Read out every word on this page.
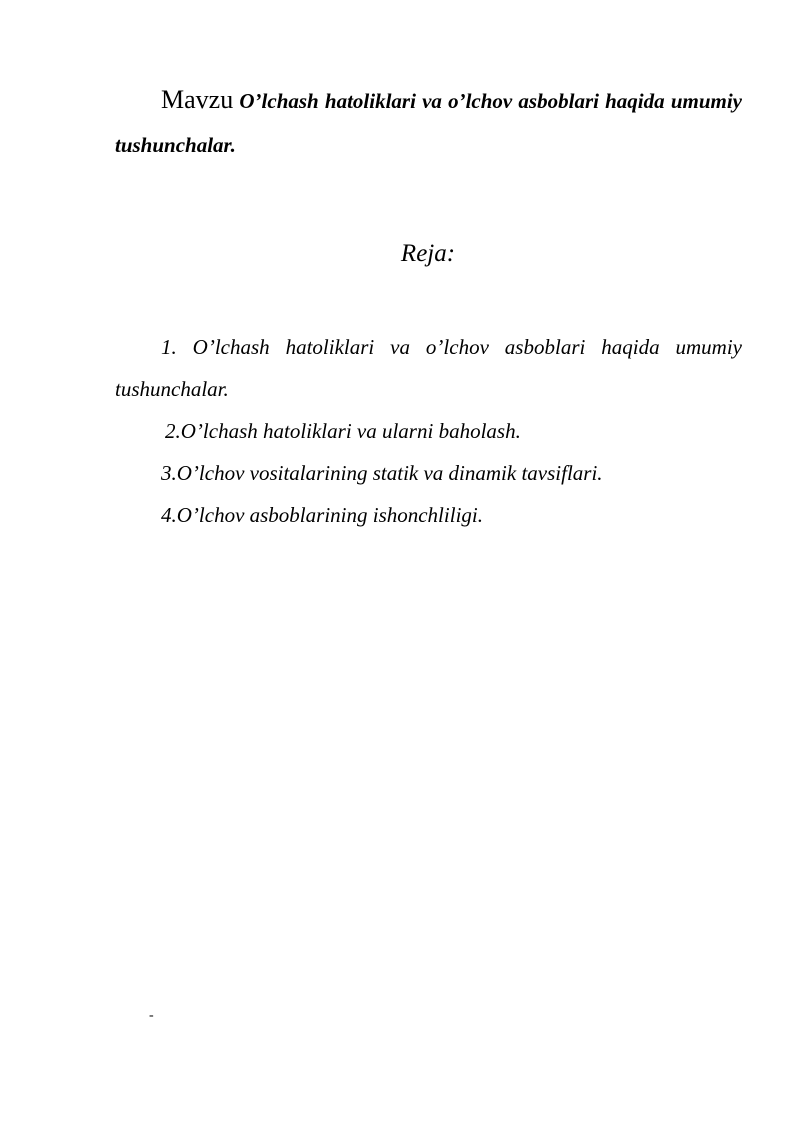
Mavzu O’lchash hatoliklari va o’lchov asboblari haqida umumiy tushunchalar.
Reja:

1. O’lchash hatoliklari va o’lchov asboblari haqida umumiy tushunchalar.

2.O’lchash hatoliklari va ularni baholash.

3.O’lchov vositalarining statik va dinamik tavsiflari.

4.O’lchov asboblarining ishonchliligi.

-
